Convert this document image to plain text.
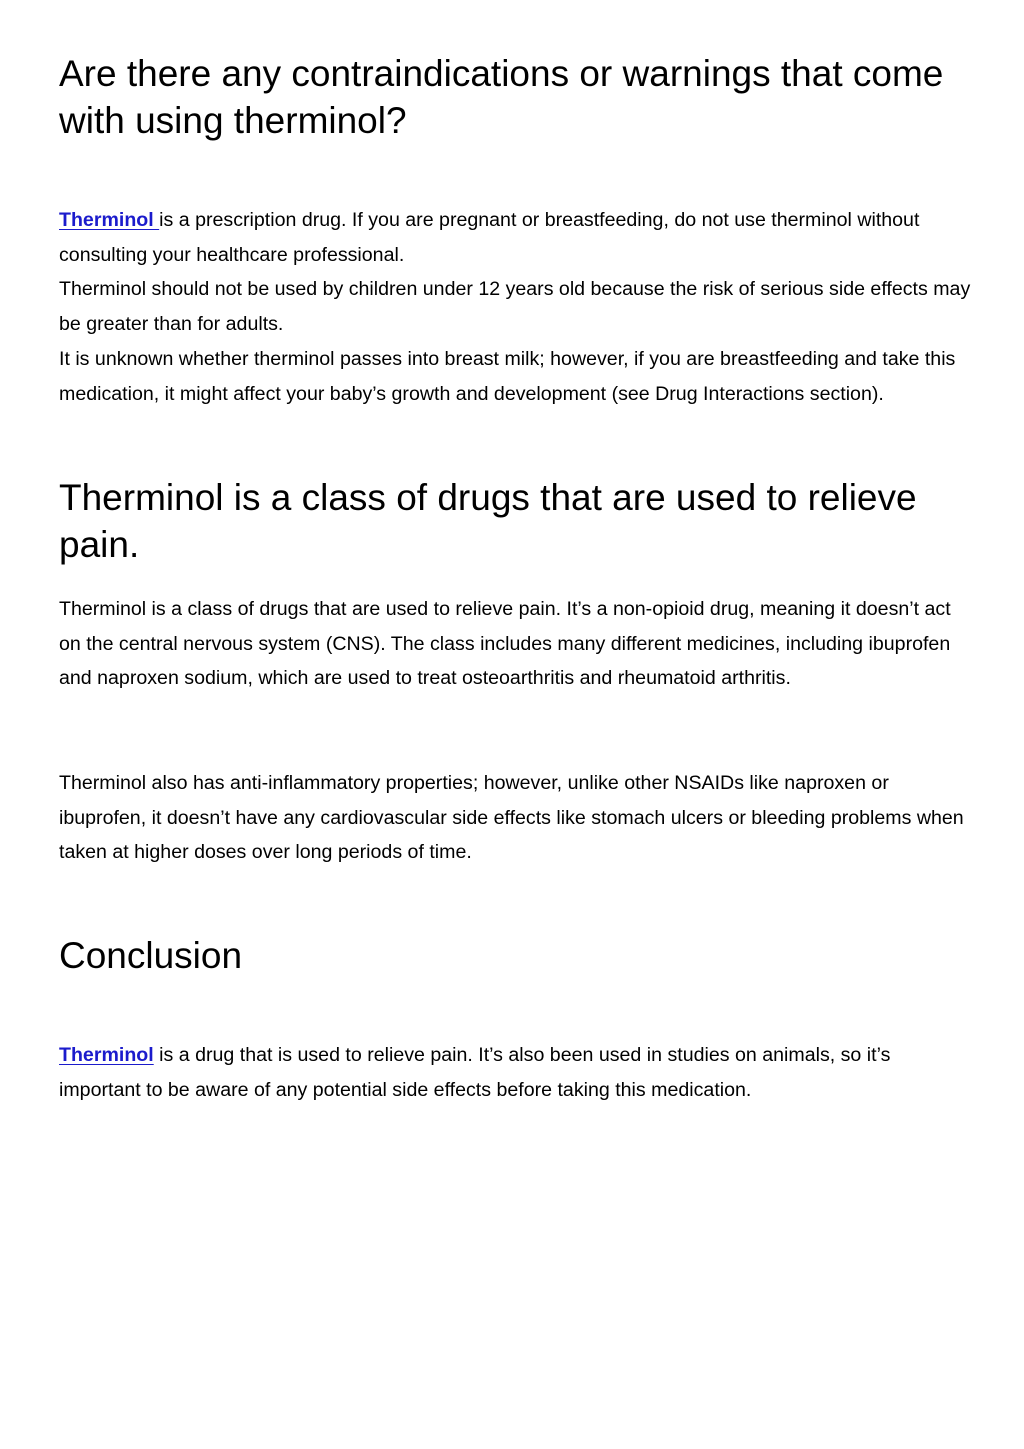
Are there any contraindications or warnings that come with using therminol?

Therminol is a prescription drug. If you are pregnant or breastfeeding, do not use therminol without consulting your healthcare professional.
Therminol should not be used by children under 12 years old because the risk of serious side effects may be greater than for adults.
It is unknown whether therminol passes into breast milk; however, if you are breastfeeding and take this medication, it might affect your baby’s growth and development (see Drug Interactions section).

Therminol is a class of drugs that are used to relieve pain.

Therminol is a class of drugs that are used to relieve pain. It’s a non-opioid drug, meaning it doesn’t act on the central nervous system (CNS). The class includes many different medicines, including ibuprofen and naproxen sodium, which are used to treat osteoarthritis and rheumatoid arthritis.

Therminol also has anti-inflammatory properties; however, unlike other NSAIDs like naproxen or ibuprofen, it doesn’t have any cardiovascular side effects like stomach ulcers or bleeding problems when taken at higher doses over long periods of time.

Conclusion

Therminol is a drug that is used to relieve pain. It’s also been used in studies on animals, so it’s important to be aware of any potential side effects before taking this medication.
